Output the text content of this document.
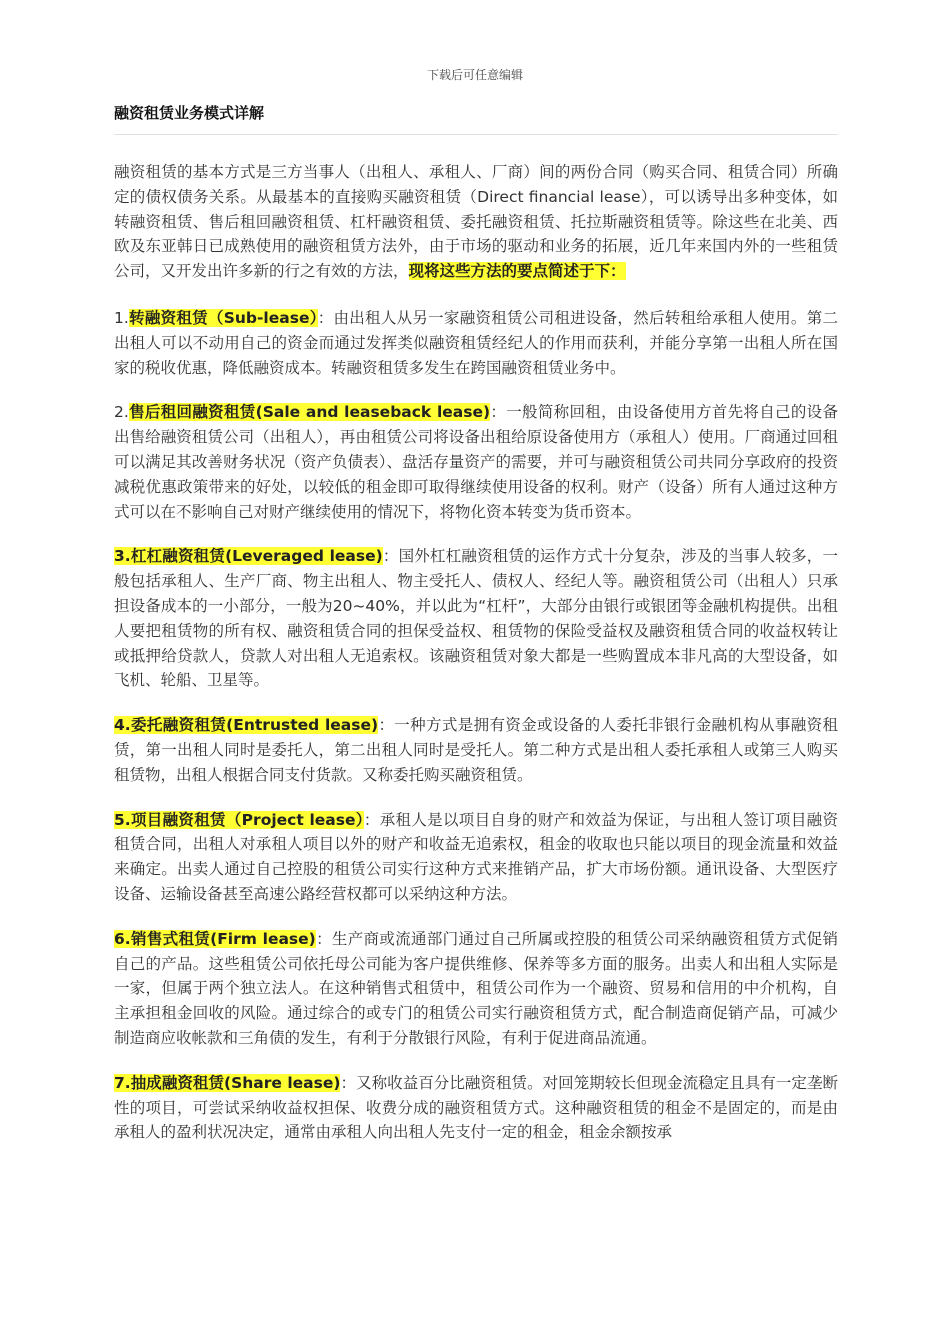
下载后可任意编辑

融资租赁业务模式详解

融资租赁的基本方式是三方当事人（出租人、承租人、厂商）间的两份合同（购买合同、租赁合同）所确定的债权债务关系。从最基本的直接购买融资租赁（Direct financial lease），可以诱导出多种变体，如转融资租赁、售后租回融资租赁、杠杆融资租赁、委托融资租赁、托拉斯融资租赁等。除这些在北美、西欧及东亚韩日已成熟使用的融资租赁方法外，由于市场的驱动和业务的拓展，近几年来国内外的一些租赁公司，又开发出许多新的行之有效的方法，现将这些方法的要点简述于下：

1.转融资租赁（Sub-lease）：由出租人从另一家融资租赁公司租进设备，然后转租给承租人使用。第二出租人可以不动用自己的资金而通过发挥类似融资租赁经纪人的作用而获利，并能分享第一出租人所在国家的税收优惠，降低融资成本。转融资租赁多发生在跨国融资租赁业务中。

2.售后租回融资租赁(Sale and leaseback lease)：一般简称回租，由设备使用方首先将自己的设备出售给融资租赁公司（出租人），再由租赁公司将设备出租给原设备使用方（承租人）使用。厂商通过回租可以满足其改善财务状况（资产负债表）、盘活存量资产的需要，并可与融资租赁公司共同分享政府的投资减税优惠政策带来的好处，以较低的租金即可取得继续使用设备的权利。财产（设备）所有人通过这种方式可以在不影响自己对财产继续使用的情况下，将物化资本转变为货币资本。

3.杠杠融资租赁(Leveraged lease)：国外杠杠融资租赁的运作方式十分复杂，涉及的当事人较多，一般包括承租人、生产厂商、物主出租人、物主受托人、债权人、经纪人等。融资租赁公司（出租人）只承担设备成本的一小部分，一般为20~40%，并以此为“杠杆”，大部分由银行或银团等金融机构提供。出租人要把租赁物的所有权、融资租赁合同的担保受益权、租赁物的保险受益权及融资租赁合同的收益权转让或抵押给贷款人，贷款人对出租人无追索权。该融资租赁对象大都是一些购置成本非凡高的大型设备，如飞机、轮船、卫星等。

4.委托融资租赁(Entrusted lease)：一种方式是拥有资金或设备的人委托非银行金融机构从事融资租赁，第一出租人同时是委托人，第二出租人同时是受托人。第二种方式是出租人委托承租人或第三人购买租赁物，出租人根据合同支付货款。又称委托购买融资租赁。

5.项目融资租赁（Project lease）：承租人是以项目自身的财产和效益为保证，与出租人签订项目融资租赁合同，出租人对承租人项目以外的财产和收益无追索权，租金的收取也只能以项目的现金流量和效益来确定。出卖人通过自己控股的租赁公司实行这种方式来推销产品，扩大市场份额。通讯设备、大型医疗设备、运输设备甚至高速公路经营权都可以采纳这种方法。

6.销售式租赁(Firm lease)：生产商或流通部门通过自己所属或控股的租赁公司采纳融资租赁方式促销自己的产品。这些租赁公司依托母公司能为客户提供维修、保养等多方面的服务。出卖人和出租人实际是一家，但属于两个独立法人。在这种销售式租赁中，租赁公司作为一个融资、贸易和信用的中介机构，自主承担租金回收的风险。通过综合的或专门的租赁公司实行融资租赁方式，配合制造商促销产品，可减少制造商应收帐款和三角债的发生，有利于分散银行风险，有利于促进商品流通。

7.抽成融资租赁(Share lease)：又称收益百分比融资租赁。对回笼期较长但现金流稳定且具有一定垄断性的项目，可尝试采纳收益权担保、收费分成的融资租赁方式。这种融资租赁的租金不是固定的，而是由承租人的盈利状况决定，通常由承租人向出租人先支付一定的租金，租金余额按承
